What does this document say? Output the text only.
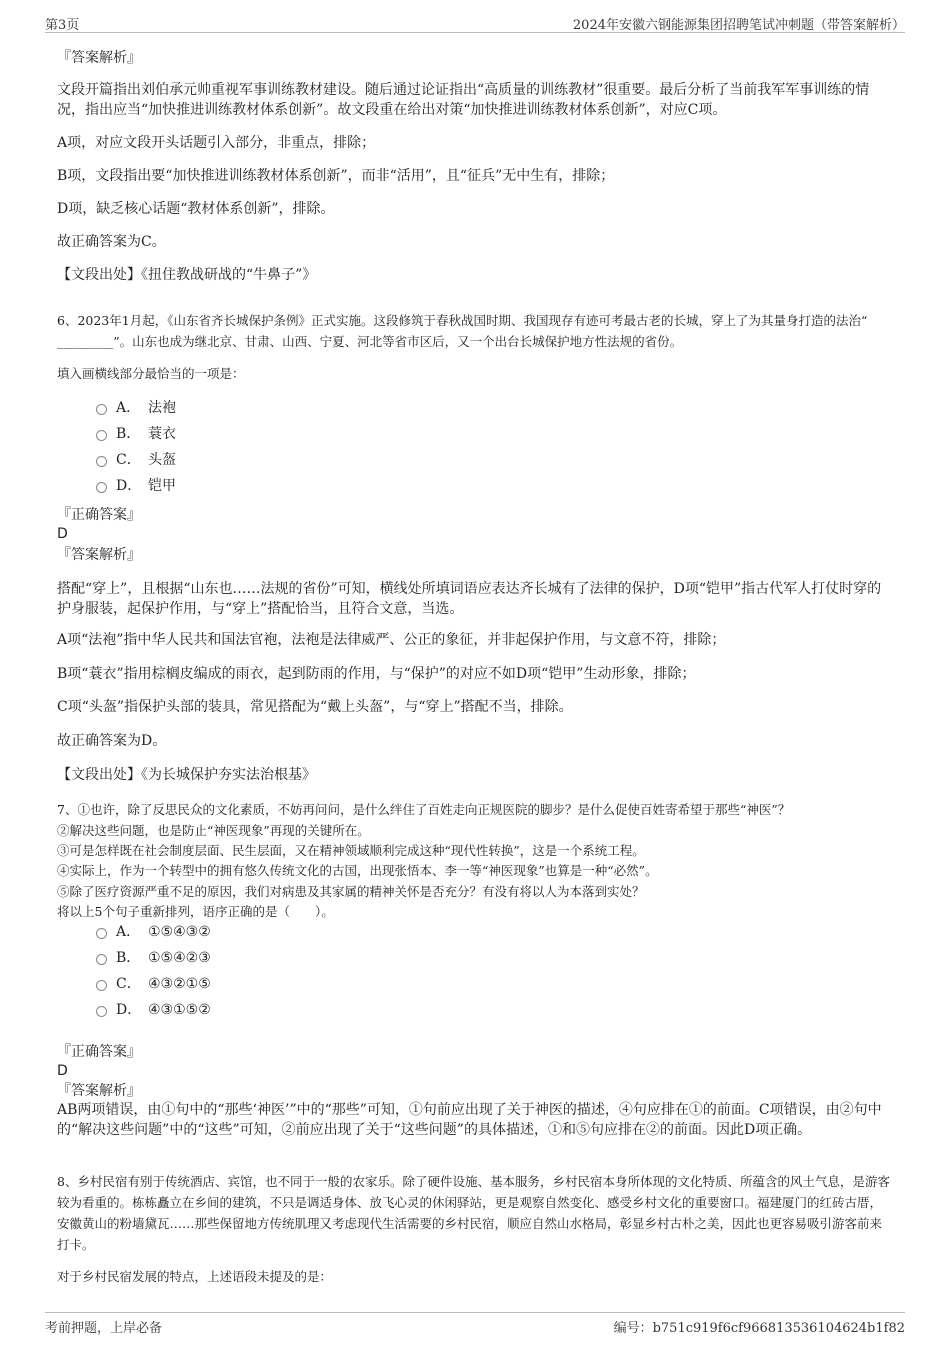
第3页	2024年安徽六钢能源集团招聘笔试冲刺题（带答案解析）

『答案解析』

文段开篇指出刘伯承元帅重视军事训练教材建设。随后通过论证指出“高质量的训练教材”很重要。最后分析了当前我军军事训练的情况，指出应当“加快推进训练教材体系创新”。故文段重在给出对策“加快推进训练教材体系创新”，对应C项。

A项，对应文段开头话题引入部分，非重点，排除；

B项，文段指出要“加快推进训练教材体系创新”，而非“活用”，且“征兵”无中生有，排除；

D项，缺乏核心话题“教材体系创新”，排除。

故正确答案为C。

【文段出处】《扭住教战研战的“牛鼻子”》

6、2023年1月起，《山东省齐长城保护条例》正式实施。这段修筑于春秋战国时期、我国现存有迹可考最古老的长城，穿上了为其量身打造的法治“ _________”。山东也成为继北京、甘肃、山西、宁夏、河北等省市区后，又一个出台长城保护地方性法规的省份。

填入画横线部分最恰当的一项是：

A． 法袍
B． 蓑衣
C． 头盔
D． 铠甲

『正确答案』

D

『答案解析』

搭配“穿上”，且根据“山东也……法规的省份”可知，横线处所填词语应表达齐长城有了法律的保护，D项“铠甲”指古代军人打仗时穿的护身服装，起保护作用，与“穿上”搭配恰当，且符合文意，当选。

A项“法袍”指中华人民共和国法官袍，法袍是法律威严、公正的象征，并非起保护作用，与文意不符，排除；

B项“蓑衣”指用棕榈皮编成的雨衣，起到防雨的作用，与“保护”的对应不如D项“铠甲”生动形象，排除；

C项“头盔”指保护头部的装具，常见搭配为“戴上头盔”，与“穿上”搭配不当，排除。

故正确答案为D。

【文段出处】《为长城保护夯实法治根基》

7、①也许，除了反思民众的文化素质，不妨再问问，是什么绊住了百姓走向正规医院的脚步？是什么促使百姓寄希望于那些“神医”？

②解决这些问题，也是防止“神医现象”再现的关键所在。

③可是怎样既在社会制度层面、民生层面，又在精神领域顺利完成这种“现代性转换”，这是一个系统工程。

④实际上，作为一个转型中的拥有悠久传统文化的古国，出现张悟本、李一等“神医现象”也算是一种“必然”。

⑤除了医疗资源严重不足的原因，我们对病患及其家属的精神关怀是否充分？有没有将以人为本落到实处？

将以上5个句子重新排列，语序正确的是（　　）。

A． ①⑤④③②
B． ①⑤④②③
C． ④③②①⑤
D． ④③①⑤②

『正确答案』

D

『答案解析』

AB两项错误，由①句中的“那些‘神医’”中的“那些”可知，①句前应出现了关于神医的描述，④句应排在①的前面。C项错误，由②句中的“解决这些问题”中的“这些”可知，②前应出现了关于“这些问题”的具体描述，①和⑤句应排在②的前面。因此D项正确。

8、乡村民宿有别于传统酒店、宾馆，也不同于一般的农家乐。除了硬件设施、基本服务，乡村民宿本身所体现的文化特质、所蕴含的风土气息，是游客较为看重的。栋栋矗立在乡间的建筑，不只是调适身体、放飞心灵的休闲驿站，更是观察自然变化、感受乡村文化的重要窗口。福建厦门的红砖古厝，安徽黄山的粉墙黛瓦……那些保留地方传统肌理又考虑现代生活需要的乡村民宿，顺应自然山水格局，彰显乡村古朴之美，因此也更容易吸引游客前来打卡。

对于乡村民宿发展的特点，上述语段未提及的是：

考前押题，上岸必备	编号：b751c919f6cf966813536104624b1f82
